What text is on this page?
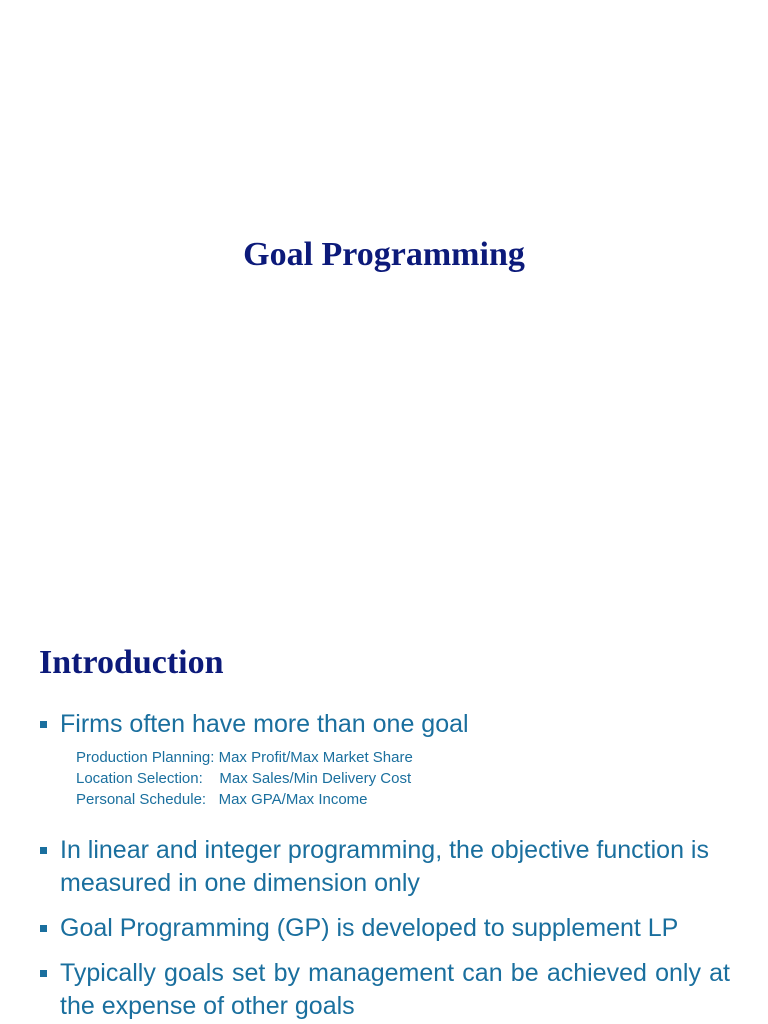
Goal Programming
Introduction
Firms often have more than one goal
Production Planning: Max Profit/Max Market Share
Location Selection:    Max Sales/Min Delivery Cost
Personal Schedule:   Max GPA/Max Income
In linear and integer programming, the objective function is measured in one dimension only
Goal Programming (GP) is developed to supplement LP
Typically goals set by management can be achieved only at the expense of other goals
